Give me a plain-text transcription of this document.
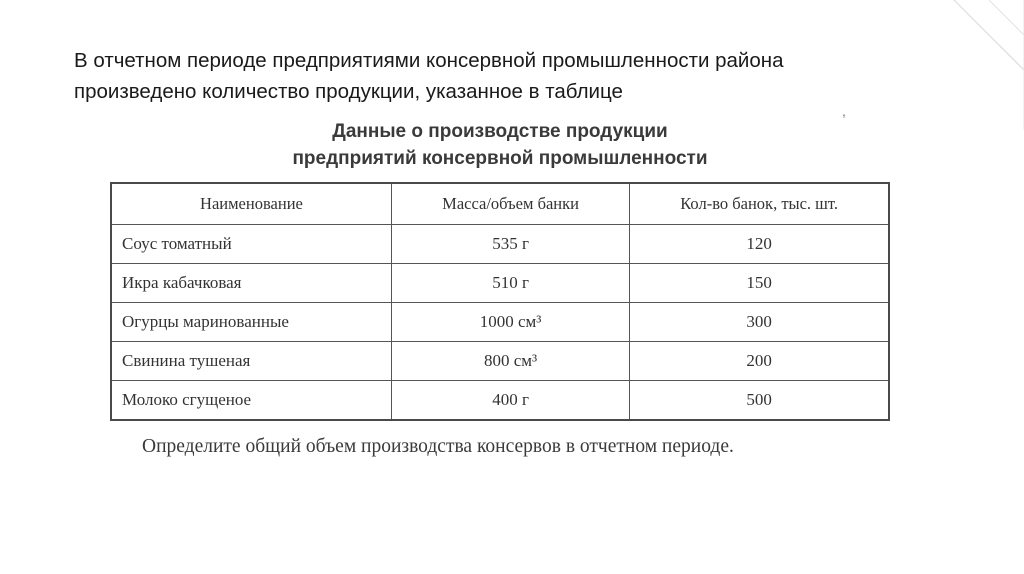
В отчетном периоде предприятиями консервной промышленности района
произведено количество продукции, указанное в таблице
,
Данные о производстве продукции
предприятий консервной промышленности
Наименование	Масса/объем банки	Кол-во банок, тыс. шт.
Соус томатный	535 г	120
Икра кабачковая	510 г	150
Огурцы маринованные	1000 см³	300
Свинина тушеная	800 см³	200
Молоко сгущеное	400 г	500
Определите общий объем производства консервов в отчетном периоде.
